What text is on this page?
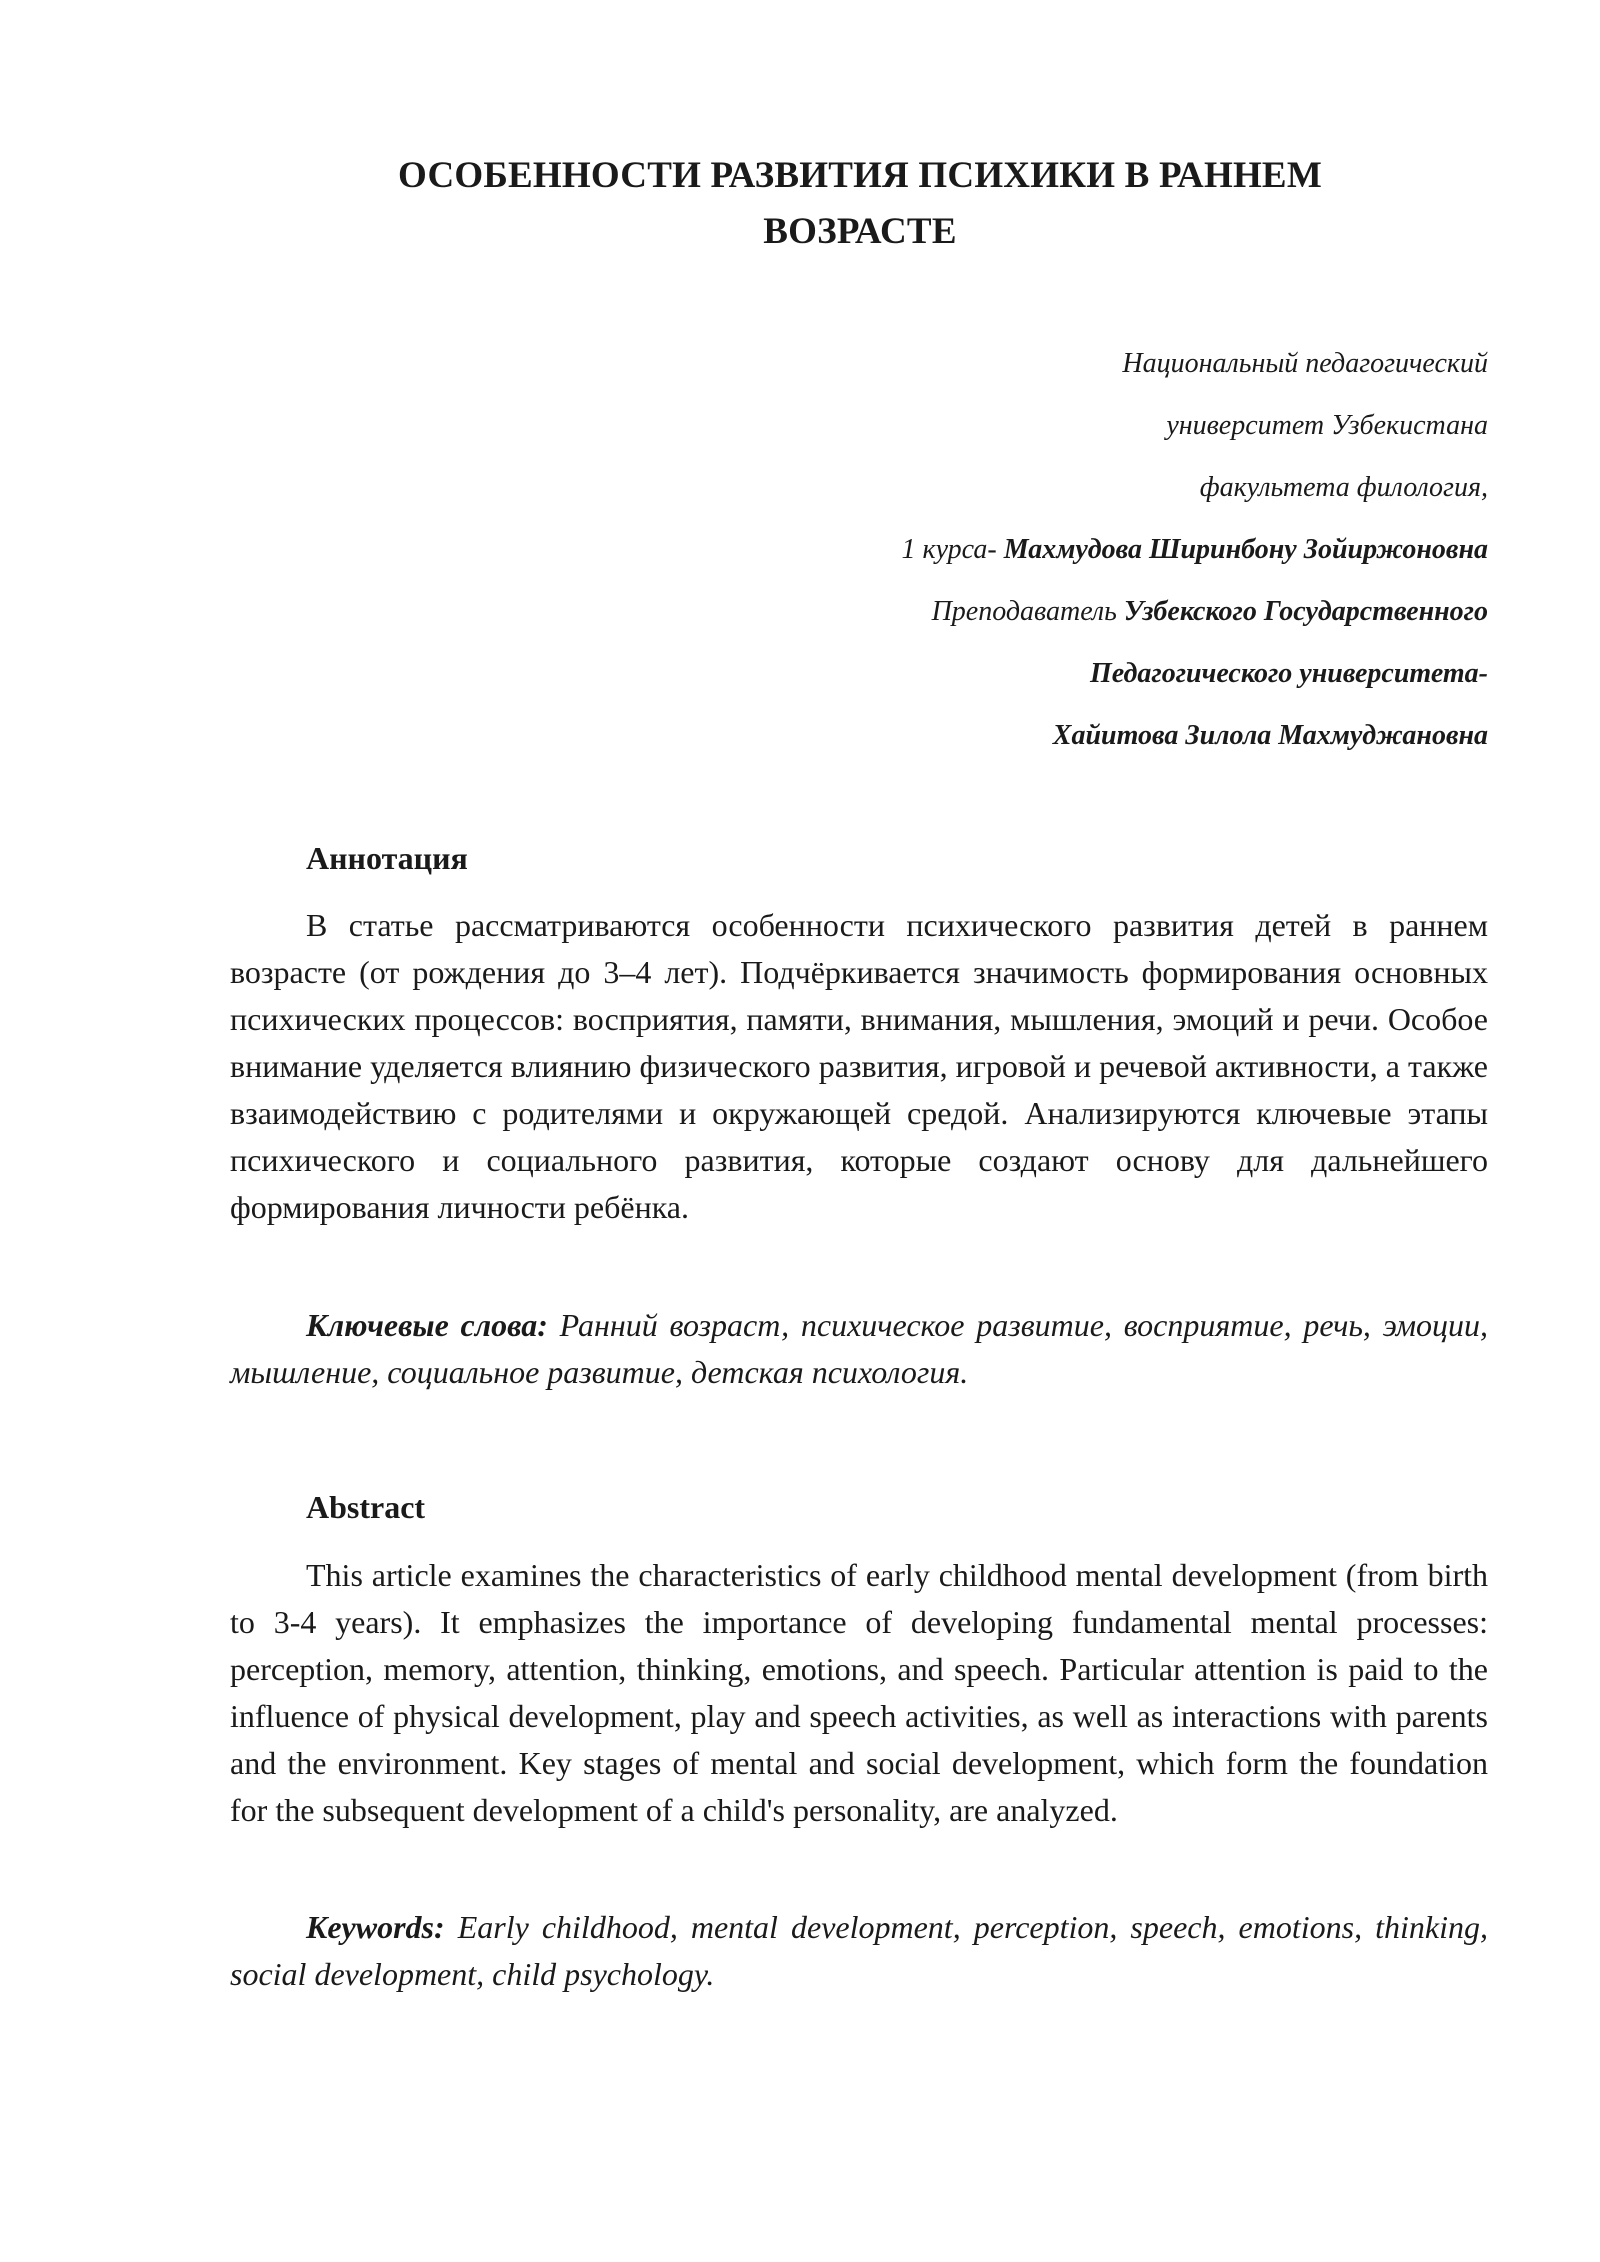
ОСОБЕННОСТИ РАЗВИТИЯ ПСИХИКИ В РАННЕМ
ВОЗРАСТЕ
Национальный педагогический
университет Узбекистана
факультета филология,
1 курса- Махмудова Ширинбону Зойиржоновна
Преподаватель Узбекского Государственного
Педагогического университета-
Хайитова Зилола Махмуджановна
Аннотация

В статье рассматриваются особенности психического развития детей в раннем возрасте (от рождения до 3–4 лет). Подчёркивается значимость формирования основных психических процессов: восприятия, памяти, внимания, мышления, эмоций и речи. Особое внимание уделяется влиянию физического развития, игровой и речевой активности, а также взаимодействию с родителями и окружающей средой. Анализируются ключевые этапы психического и социального развития, которые создают основу для дальнейшего формирования личности ребёнка.

Ключевые слова: Ранний возраст, психическое развитие, восприятие, речь, эмоции, мышление, социальное развитие, детская психология.

Abstract

This article examines the characteristics of early childhood mental development (from birth to 3-4 years). It emphasizes the importance of developing fundamental mental processes: perception, memory, attention, thinking, emotions, and speech. Particular attention is paid to the influence of physical development, play and speech activities, as well as interactions with parents and the environment. Key stages of mental and social development, which form the foundation for the subsequent development of a child's personality, are analyzed.

Keywords: Early childhood, mental development, perception, speech, emotions, thinking, social development, child psychology.
